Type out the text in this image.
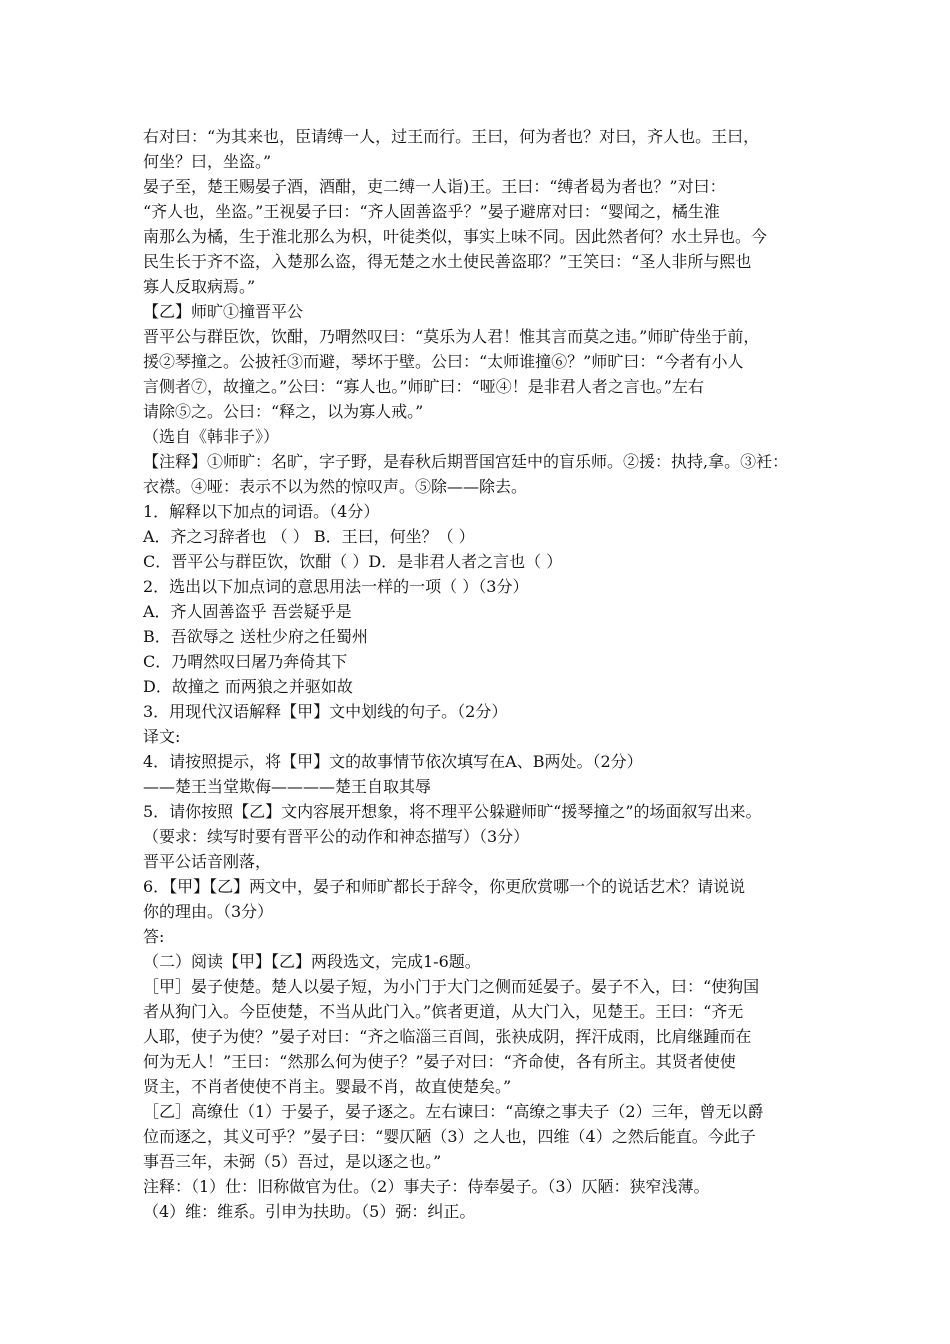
右对曰：“为其来也，臣请缚一人，过王而行。王曰，何为者也？对曰，齐人也。王曰，

何坐？曰，坐盗。”

晏子至，楚王赐晏子酒，酒酣，吏二缚一人诣)王。王曰：“缚者曷为者也？”对曰：

“齐人也，坐盗。”王视晏子曰：“齐人固善盗乎？”晏子避席对曰：“婴闻之，橘生淮

南那么为橘，生于淮北那么为枳，叶徒类似，事实上味不同。因此然者何？水土异也。今

民生长于齐不盗，入楚那么盗，得无楚之水土使民善盗耶？”王笑曰：“圣人非所与熙也

寡人反取病焉。”

【乙】师旷①撞晋平公

晋平公与群臣饮，饮酣，乃喟然叹曰：“莫乐为人君！惟其言而莫之违。”师旷侍坐于前，

援②琴撞之。公披衽③而避，琴坏于壁。公曰：“太师谁撞⑥？”师旷曰：“今者有小人

言侧者⑦，故撞之。”公曰：“寡人也。”师旷曰：“哑④！是非君人者之言也。”左右

请除⑤之。公曰：“释之，以为寡人戒。”

（选自《韩非子》）

【注释】①师旷：名旷，字子野，是春秋后期晋国宫廷中的盲乐师。②援：执持,拿。③衽：

衣襟。④哑：表示不以为然的惊叹声。⑤除——除去。

1．解释以下加点的词语。（4分）

A．齐之习辞者也 （ ） B．王曰，何坐？（ ）

C．晋平公与群臣饮，饮酣（ ）D．是非君人者之言也（ ）

2．选出以下加点词的意思用法一样的一项（ ）（3分）

A．齐人固善盗乎 吾尝疑乎是

B．吾欲辱之 送杜少府之任蜀州

C．乃喟然叹曰屠乃奔倚其下

D．故撞之 而两狼之并驱如故

3．用现代汉语解释【甲】文中划线的句子。（2分）

译文:

4．请按照提示，将【甲】文的故事情节依次填写在A、B两处。（2分）

——楚王当堂欺侮————楚王自取其辱

5．请你按照【乙】文内容展开想象，将不理平公躲避师旷“援琴撞之”的场面叙写出来。

（要求：续写时要有晋平公的动作和神态描写）（3分）

晋平公话音刚落，

6．【甲】【乙】两文中，晏子和师旷都长于辞令，你更欣赏哪一个的说话艺术？请说说

你的理由。（3分）

答:

（二）阅读【甲】【乙】两段选文，完成1-6题。

［甲］晏子使楚。楚人以晏子短，为小门于大门之侧而延晏子。晏子不入，曰：“使狗国

者从狗门入。今臣使楚，不当从此门入。”傧者更道，从大门入，见楚王。王曰：“齐无

人耶，使子为使？”晏子对曰：“齐之临淄三百闾，张袂成阴，挥汗成雨，比肩继踵而在

何为无人！”王曰：“然那么何为使子？”晏子对曰：“齐命使，各有所主。其贤者使使

贤主，不肖者使使不肖主。婴最不肖，故直使楚矣。”

［乙］高缭仕（1）于晏子，晏子逐之。左右谏曰：“高缭之事夫子（2）三年，曾无以爵

位而逐之，其义可乎？”晏子曰：“婴仄陋（3）之人也，四维（4）之然后能直。今此子

事吾三年，未弼（5）吾过，是以逐之也。”

注释：（1）仕：旧称做官为仕。（2）事夫子：侍奉晏子。（3）仄陋：狭窄浅薄。

（4）维：维系。引申为扶助。（5）弼：纠正。
